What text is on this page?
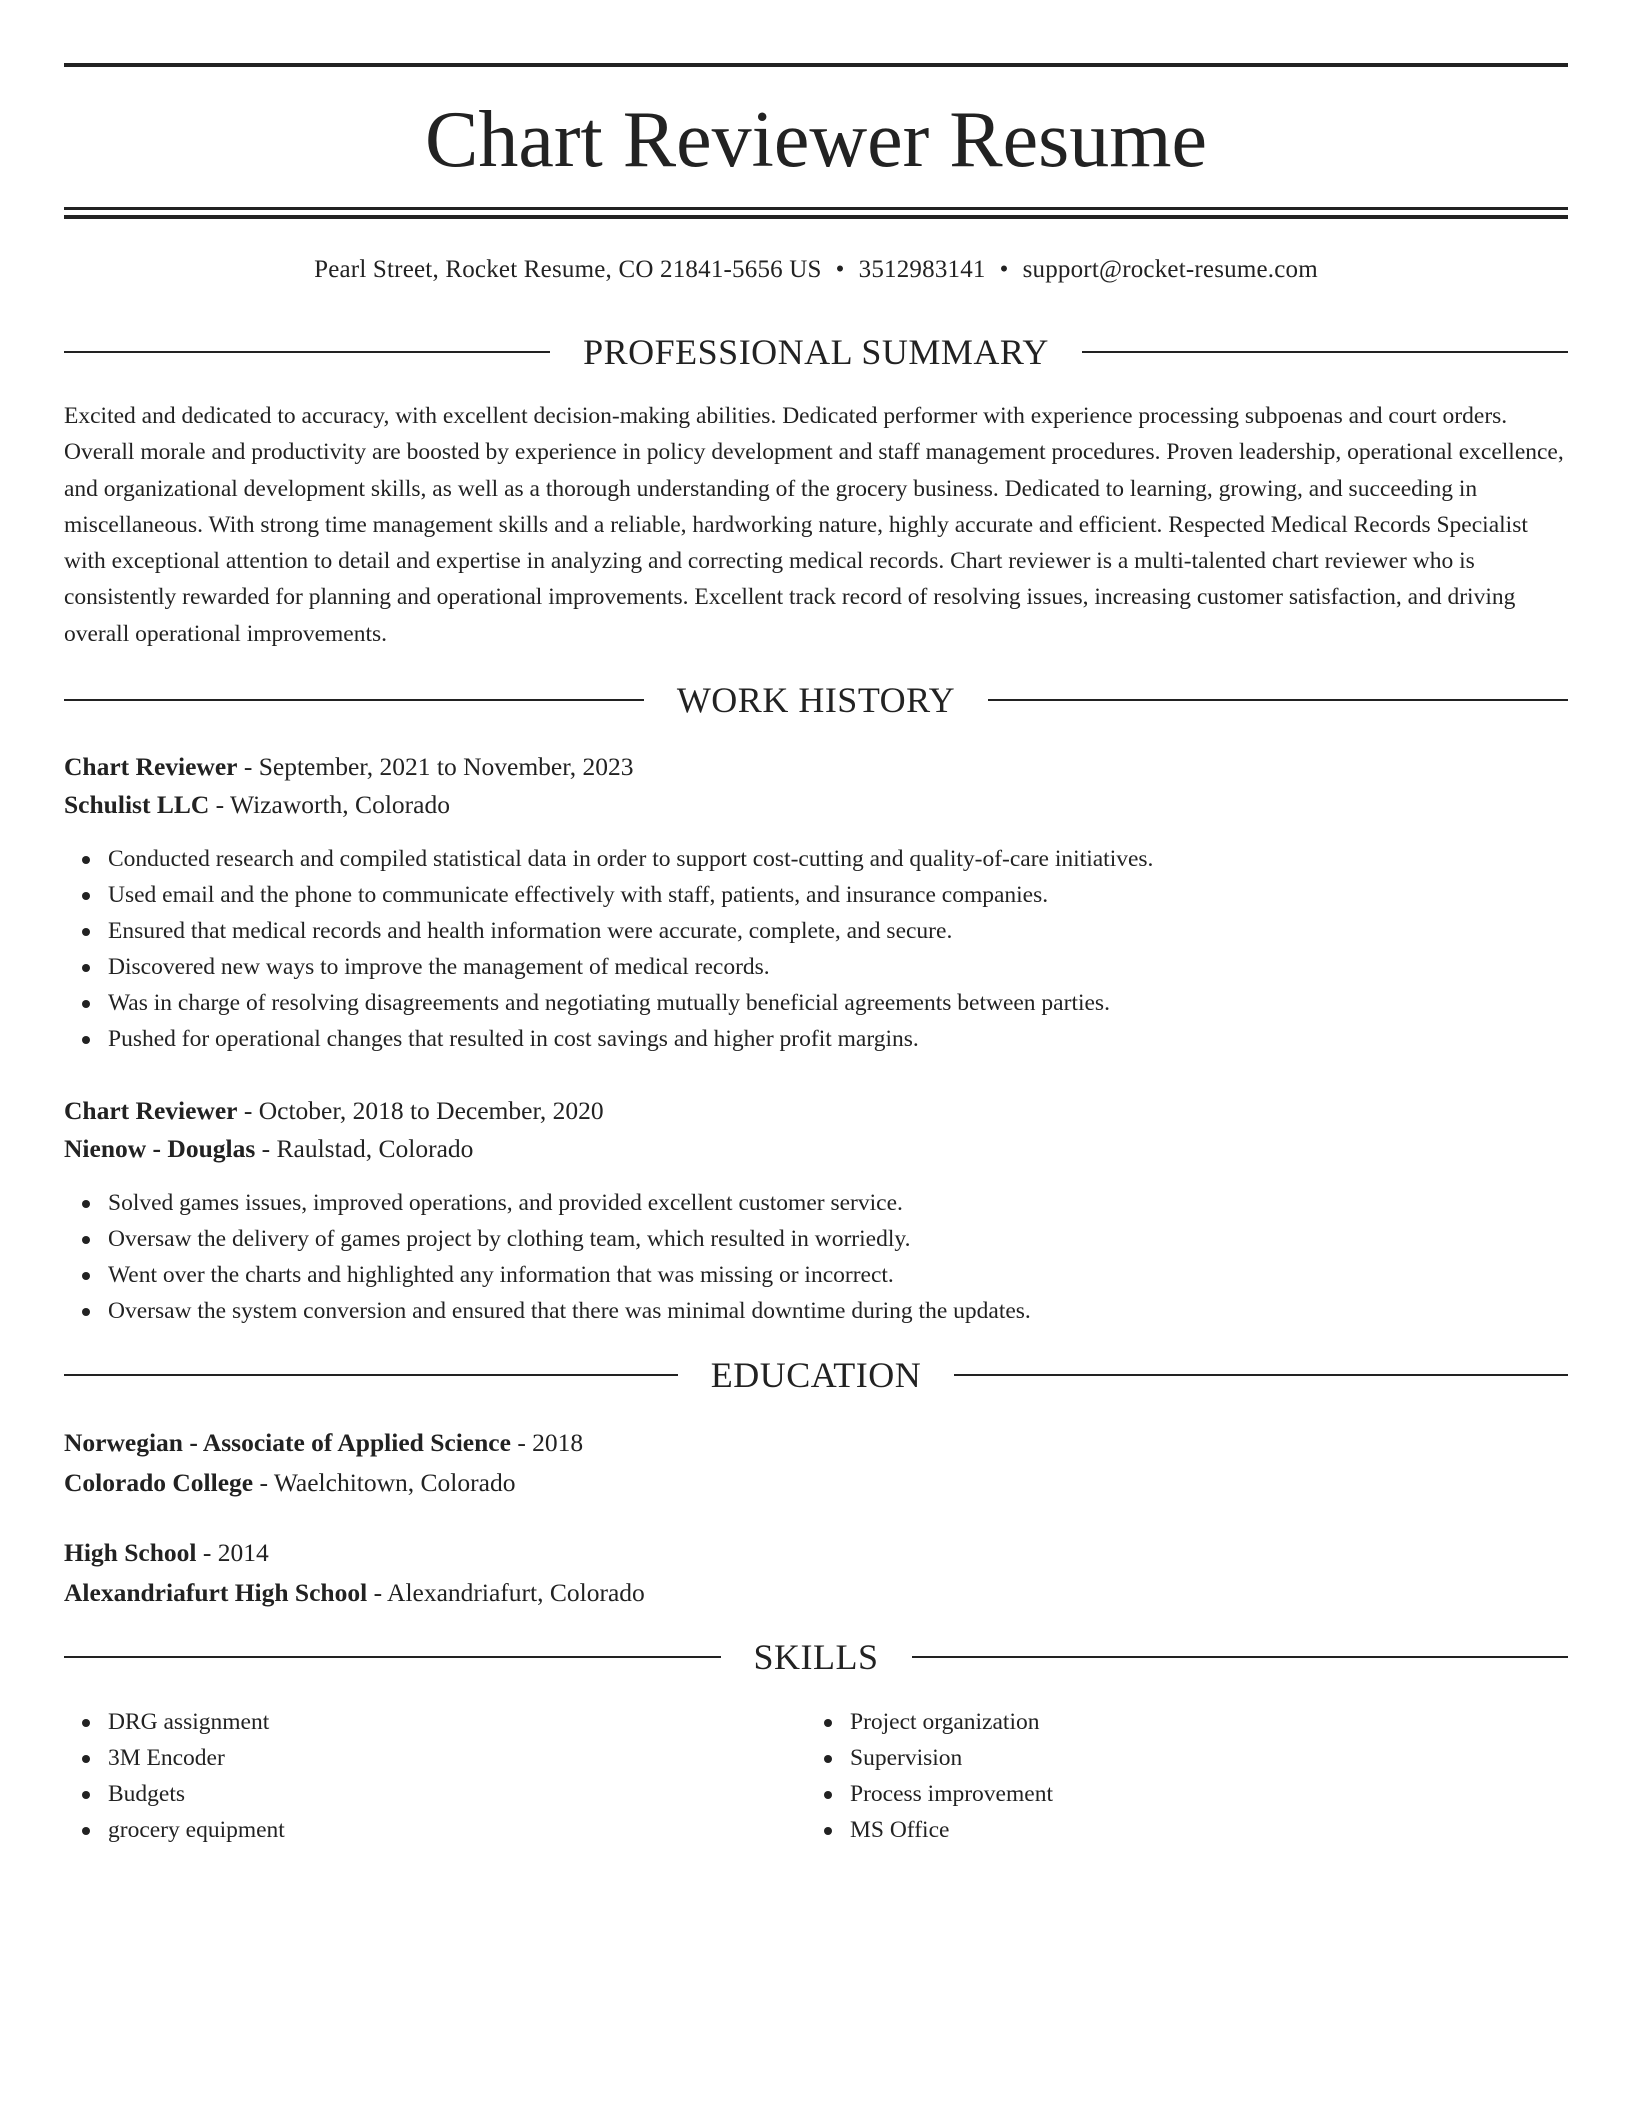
Chart Reviewer Resume
Pearl Street, Rocket Resume, CO 21841-5656 US • 3512983141 • support@rocket-resume.com
PROFESSIONAL SUMMARY

Excited and dedicated to accuracy, with excellent decision-making abilities. Dedicated performer with experience processing subpoenas and court orders. Overall morale and productivity are boosted by experience in policy development and staff management procedures. Proven leadership, operational excellence, and organizational development skills, as well as a thorough understanding of the grocery business. Dedicated to learning, growing, and succeeding in miscellaneous. With strong time management skills and a reliable, hardworking nature, highly accurate and efficient. Respected Medical Records Specialist with exceptional attention to detail and expertise in analyzing and correcting medical records. Chart reviewer is a multi-talented chart reviewer who is consistently rewarded for planning and operational improvements. Excellent track record of resolving issues, increasing customer satisfaction, and driving overall operational improvements.

WORK HISTORY
Chart Reviewer - September, 2021 to November, 2023
Schulist LLC - Wizaworth, Colorado
Conducted research and compiled statistical data in order to support cost-cutting and quality-of-care initiatives.
Used email and the phone to communicate effectively with staff, patients, and insurance companies.
Ensured that medical records and health information were accurate, complete, and secure.
Discovered new ways to improve the management of medical records.
Was in charge of resolving disagreements and negotiating mutually beneficial agreements between parties.
Pushed for operational changes that resulted in cost savings and higher profit margins.
Chart Reviewer - October, 2018 to December, 2020
Nienow - Douglas - Raulstad, Colorado
Solved games issues, improved operations, and provided excellent customer service.
Oversaw the delivery of games project by clothing team, which resulted in worriedly.
Went over the charts and highlighted any information that was missing or incorrect.
Oversaw the system conversion and ensured that there was minimal downtime during the updates.
EDUCATION
Norwegian - Associate of Applied Science - 2018
Colorado College - Waelchitown, Colorado
High School - 2014
Alexandriafurt High School - Alexandriafurt, Colorado
SKILLS
DRG assignment
3M Encoder
Budgets
grocery equipment
Project organization
Supervision
Process improvement
MS Office
